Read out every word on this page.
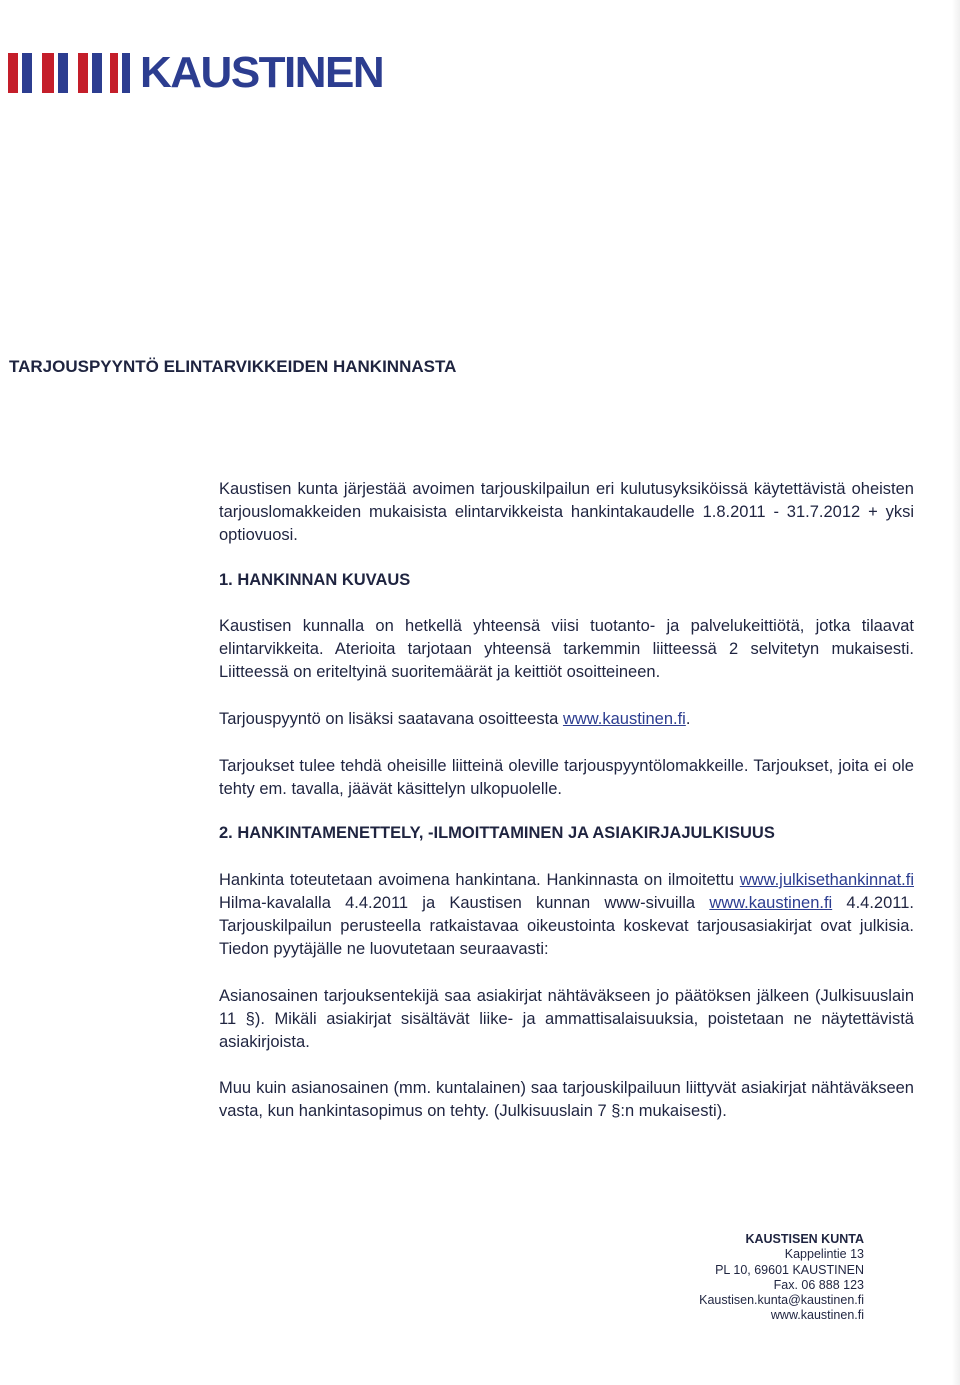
KAUSTINEN
TARJOUSPYYNTÖ ELINTARVIKKEIDEN HANKINNASTA

Kaustisen kunta järjestää avoimen tarjouskilpailun eri kulutusyksiköissä käytettävistä oheisten tarjouslomakkeiden mukaisista elintarvikkeista hankintakaudelle 1.8.2011 - 31.7.2012 + yksi optiovuosi.

1. HANKINNAN KUVAUS

Kaustisen kunnalla on hetkellä yhteensä viisi tuotanto- ja palvelukeittiötä, jotka tilaavat elintarvikkeita. Aterioita tarjotaan yhteensä tarkemmin liitteessä 2 selvitetyn mukaisesti. Liitteessä on eriteltyinä suoritemäärät ja keittiöt osoitteineen.

Tarjouspyyntö on lisäksi saatavana osoitteesta www.kaustinen.fi.

Tarjoukset tulee tehdä oheisille liitteinä oleville tarjouspyyntölomakkeille. Tarjoukset, joita ei ole tehty em. tavalla, jäävät käsittelyn ulkopuolelle.

2. HANKINTAMENETTELY, -ILMOITTAMINEN JA ASIAKIRJAJULKISUUS

Hankinta toteutetaan avoimena hankintana. Hankinnasta on ilmoitettu www.julkisethankinnat.fi Hilma-kavalalla 4.4.2011 ja Kaustisen kunnan www-sivuilla www.kaustinen.fi 4.4.2011. Tarjouskilpailun perusteella ratkaistavaa oikeustointa koskevat tarjousasiakirjat ovat julkisia. Tiedon pyytäjälle ne luovutetaan seuraavasti:

Asianosainen tarjouksentekijä saa asiakirjat nähtäväkseen jo päätöksen jälkeen (Julkisuuslain 11 §). Mikäli asiakirjat sisältävät liike- ja ammattisalaisuuksia, poistetaan ne näytettävistä asiakirjoista.

Muu kuin asianosainen (mm. kuntalainen) saa tarjouskilpailuun liittyvät asiakirjat nähtäväkseen vasta, kun hankintasopimus on tehty. (Julkisuuslain 7 §:n mukaisesti).

KAUSTISEN KUNTA
Kappelintie 13
PL 10, 69601 KAUSTINEN
Fax. 06 888 123
Kaustisen.kunta@kaustinen.fi
www.kaustinen.fi
